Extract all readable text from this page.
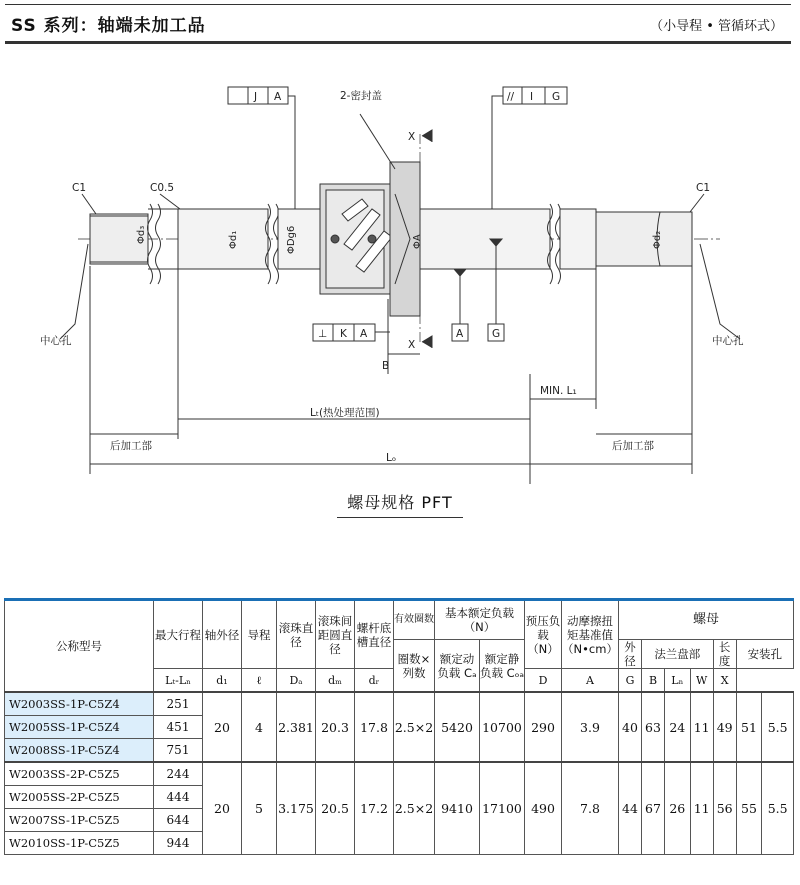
SS 系列：轴端未加工品	（小导程 • 管循环式）
2-密封盖
J A	// I G
⊥ K A	A	G
X
X
C1	C0.5	C1
B
MIN. L₁
Lₜ(热处理范围)
后加工部	后加工部
Lₒ
中心孔	中心孔
Φd₃	Φd₁	ΦDg6	ΦA	Φd₂
螺母规格 PFT
公称型号	最大行程	轴外径	导程	滚珠直径	滚珠间距圆直径	螺杆底槽直径	有效圈数	基本额定负载（N）		预压负载（N）	动摩擦扭矩基准值（N•cm）	螺母						
							圈数×列数	额定动负载 Cₐ	额定静负载 Cₒₐ			外径	法兰盘部			长度	安装孔	
	Lₜ-Lₙ	d₁	ℓ	Dₐ	dₘ	dᵣ				D	A	G	B	Lₙ	W	X		
W2003SS-1P-C5Z4	251	20	4	2.381	20.3	17.8	2.5×2	5420	10700	290	3.9	40	63	24	11	49	51	5.5
W2005SS-1P-C5Z4	451																	
W2008SS-1P-C5Z4	751																	
W2003SS-2P-C5Z5	244	20	5	3.175	20.5	17.2	2.5×2	9410	17100	490	7.8	44	67	26	11	56	55	5.5
W2005SS-2P-C5Z5	444																	
W2007SS-1P-C5Z5	644																	
W2010SS-1P-C5Z5	944																	
